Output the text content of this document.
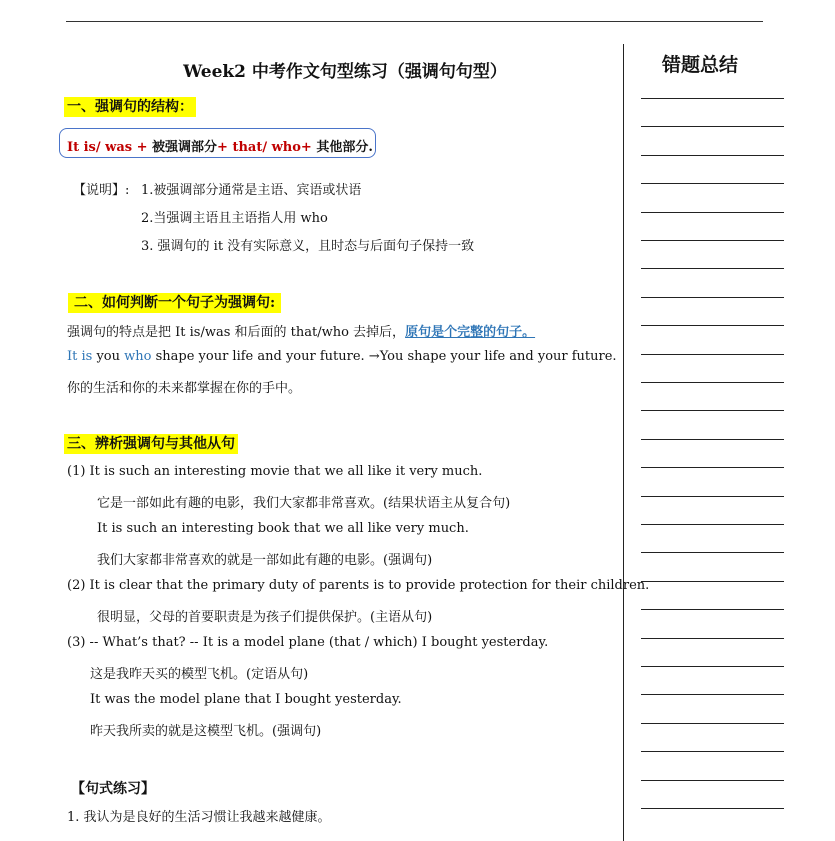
Week2 中考作文句型练习（强调句句型）	错题总结
一、强调句的结构：
It is/ was + 被强调部分+ that/ who+ 其他部分.
【说明】: 1.被强调部分通常是主语、宾语或状语
2.当强调主语且主语指人用 who
3. 强调句的 it 没有实际意义，且时态与后面句子保持一致
二、如何判断一个句子为强调句:
强调句的特点是把 It is/was 和后面的 that/who 去掉后，原句是个完整的句子。
It is you who shape your life and your future. →You shape your life and your future.
你的生活和你的未来都掌握在你的手中。
三、辨析强调句与其他从句
(1) It is such an interesting movie that we all like it very much.
它是一部如此有趣的电影，我们大家都非常喜欢。(结果状语主从复合句)
It is such an interesting book that we all like very much.
我们大家都非常喜欢的就是一部如此有趣的电影。(强调句)
(2) It is clear that the primary duty of parents is to provide protection for their children.
很明显，父母的首要职责是为孩子们提供保护。(主语从句)
(3) -- What’s that? -- It is a model plane (that / which) I bought yesterday.
这是我昨天买的模型飞机。(定语从句)
It was the model plane that I bought yesterday.
昨天我所卖的就是这模型飞机。(强调句)
【句式练习】
1. 我认为是良好的生活习惯让我越来越健康。
